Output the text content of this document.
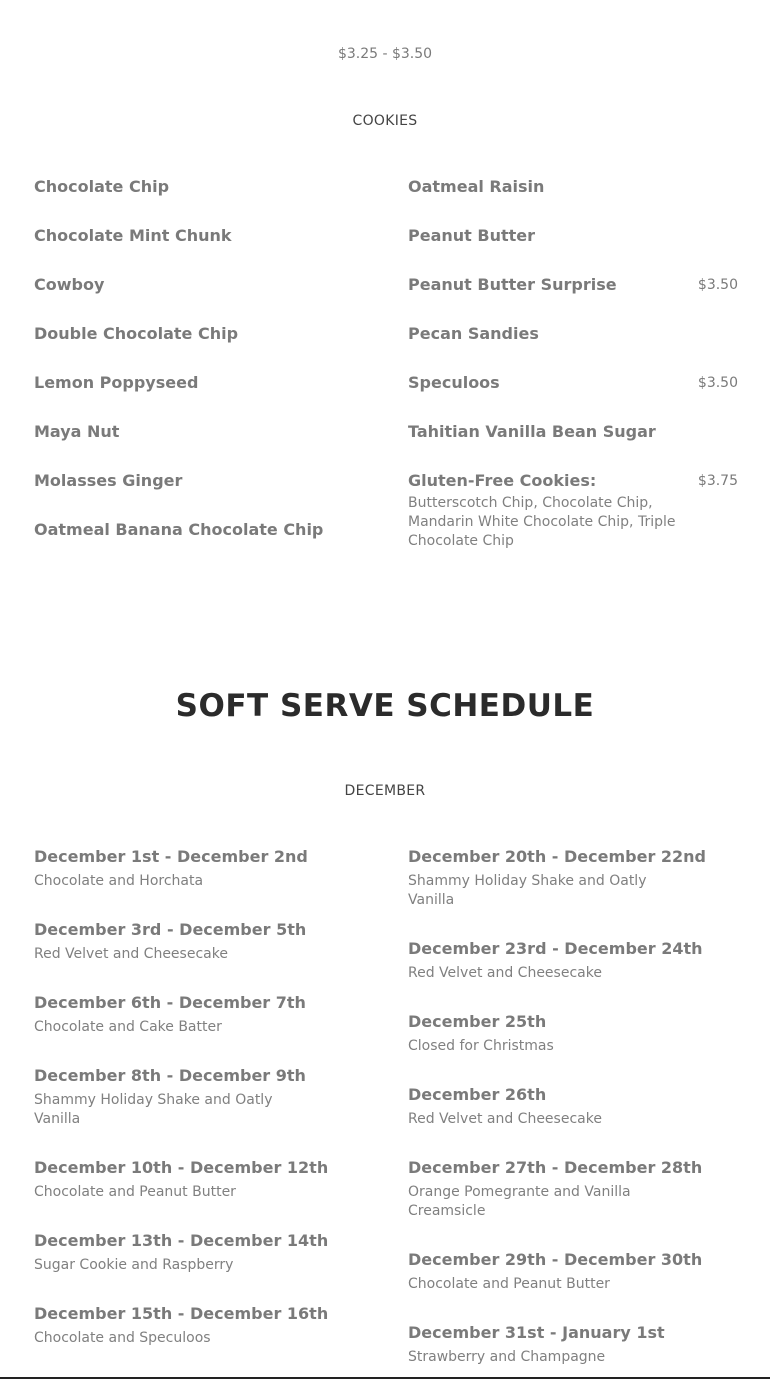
$3.25 - $3.50
COOKIES
Chocolate Chip
Chocolate Mint Chunk
Cowboy
Double Chocolate Chip
Lemon Poppyseed
Maya Nut
Molasses Ginger
Oatmeal Banana Chocolate Chip
Oatmeal Raisin
Peanut Butter
Peanut Butter Surprise	$3.50
Pecan Sandies
Speculoos	$3.50
Tahitian Vanilla Bean Sugar
Gluten-Free Cookies:	$3.75
Butterscotch Chip, Chocolate Chip, Mandarin White Chocolate Chip, Triple Chocolate Chip
SOFT SERVE SCHEDULE
DECEMBER
December 1st - December 2nd
Chocolate and Horchata
December 3rd - December 5th
Red Velvet and Cheesecake
December 6th - December 7th
Chocolate and Cake Batter
December 8th - December 9th
Shammy Holiday Shake and Oatly Vanilla
December 10th - December 12th
Chocolate and Peanut Butter
December 13th - December 14th
Sugar Cookie and Raspberry
December 15th - December 16th
Chocolate and Speculoos
December 20th - December 22nd
Shammy Holiday Shake and Oatly Vanilla
December 23rd - December 24th
Red Velvet and Cheesecake
December 25th
Closed for Christmas
December 26th
Red Velvet and Cheesecake
December 27th - December 28th
Orange Pomegrante and Vanilla Creamsicle
December 29th - December 30th
Chocolate and Peanut Butter
December 31st - January 1st
Strawberry and Champagne
